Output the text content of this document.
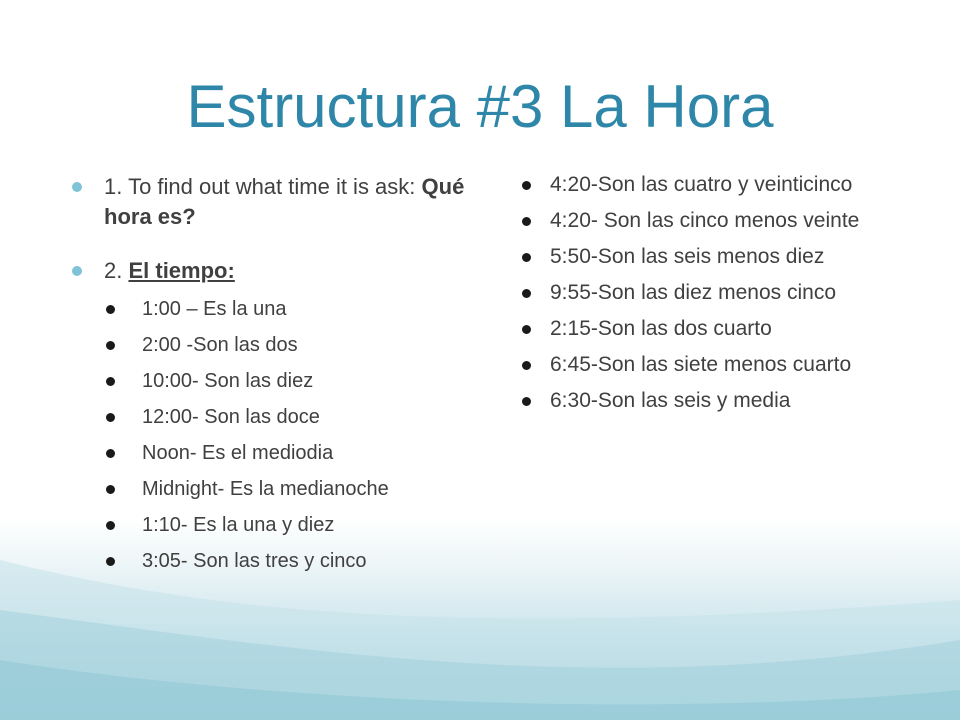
Estructura #3 La Hora
1. To find out what time it is ask: Qué hora es?
2. El tiempo:
1:00 – Es la una
2:00 -Son las dos
10:00- Son las diez
12:00- Son las doce
Noon- Es el mediodia
Midnight- Es la medianoche
1:10- Es la una y diez
3:05- Son las tres y cinco
4:20-Son las cuatro y veinticinco
4:20- Son las cinco menos veinte
5:50-Son las seis menos diez
9:55-Son las diez menos cinco
2:15-Son las dos cuarto
6:45-Son las siete menos cuarto
6:30-Son las seis y media
